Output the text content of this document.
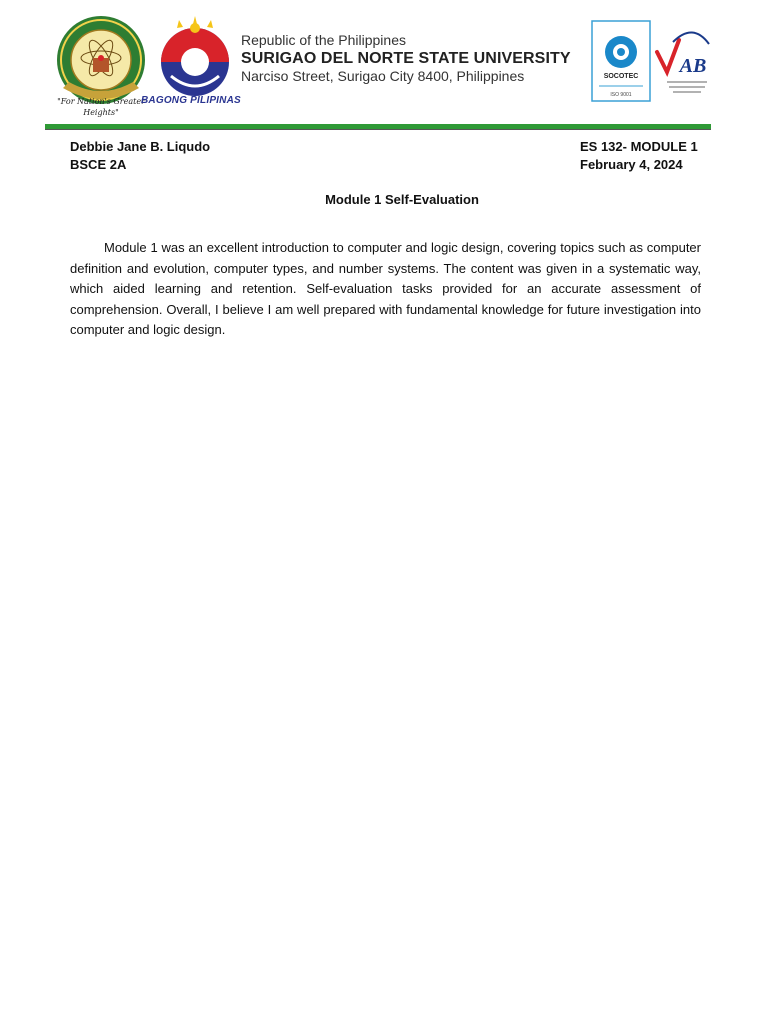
"For Nation's Greater Heights"
BAGONG PILIPINAS
Republic of the Philippines
SURIGAO DEL NORTE STATE UNIVERSITY
Narciso Street, Surigao City 8400, Philippines	SOCOTEC
ISO 9001
AB
Debbie Jane B. Liqudo
BSCE 2A
ES 132- MODULE 1
February 4, 2024
Module 1 Self-Evaluation

Module 1 was an excellent introduction to computer and logic design, covering topics such as computer definition and evolution, computer types, and number systems. The content was given in a systematic way, which aided learning and retention. Self-evaluation tasks provided for an accurate assessment of comprehension. Overall, I believe I am well prepared with fundamental knowledge for future investigation into computer and logic design.
